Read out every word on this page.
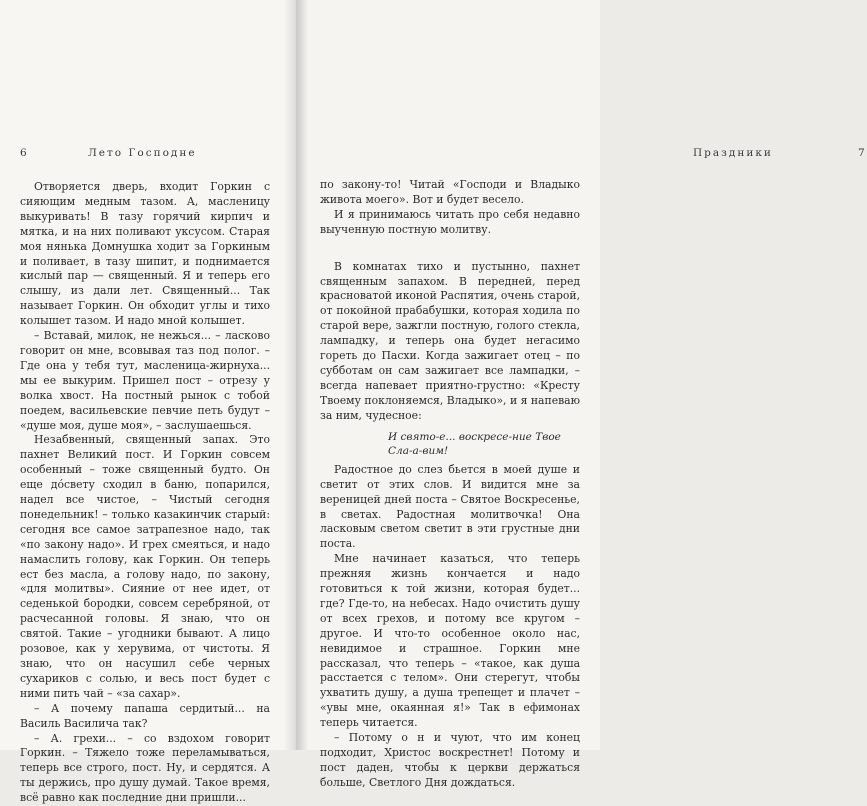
6	Лето Господне

Отворяется дверь, входит Горкин с сияющим медным тазом. А, масленицу выкуривать! В тазу горячий кирпич и мятка, и на них поливают уксусом. Старая моя нянька Домнушка ходит за Горкиным и поливает, в тазу шипит, и поднимается кислый пар — священный. Я и теперь его слышу, из дали лет. Священный... Так называет Горкин. Он обходит углы и тихо колышет тазом. И надо мной колышет.

– Вставай, милок, не нежься... – ласково говорит он мне, всовывая таз под полог. – Где она у тебя тут, масленица-жирнуха... мы ее выкурим. Пришел пост – отрезу у волка хвост. На постный рынок с тобой поедем, васильевские певчие петь будут – «душе моя, душе моя», – заслушаешься.

Незабвенный, священный запах. Это пахнет Великий пост. И Горкин совсем особенный – тоже священный будто. Он еще до́свету сходил в баню, попарился, надел все чистое, – Чистый сегодня понедельник! – только казакинчик старый: сегодня все самое затрапезное надо, так «по закону надо». И грех смеяться, и надо намаслить голову, как Горкин. Он теперь ест без масла, а голову надо, по закону, «для молитвы». Сияние от нее идет, от седенькой бородки, совсем серебряной, от расчесанной головы. Я знаю, что он святой. Такие – угодники бывают. А лицо розовое, как у херувима, от чистоты. Я знаю, что он насушил себе черных сухариков с солью, и весь пост будет с ними пить чай – «за сахар».

– А почему папаша сердитый... на Василь Василича так?

– А. грехи... – со вздохом говорит Горкин. – Тяжело тоже переламываться, теперь все строго, пост. Ну, и сердятся. А ты держись, про душу думай. Такое время, всё равно как последние дни пришли...

Праздники	7

по закону-то! Читай «Господи и Владыко живота моего». Вот и будет весело.

И я принимаюсь читать про себя недавно выученную постную молитву.

В комнатах тихо и пустынно, пахнет священным запахом. В передней, перед красноватой иконой Распятия, очень старой, от покойной прабабушки, которая ходила по старой вере, зажгли постную, голого стекла, лампадку, и теперь она будет негасимо гореть до Пасхи. Когда зажигает отец – по субботам он сам зажигает все лампадки, – всегда напевает приятно-грустно: «Кресту Твоему поклоняемся, Владыко», и я напеваю за ним, чудесное:

И свято-е... воскресе-ние Твое
Сла-а-вим!

Радостное до слез бьется в моей душе и светит от этих слов. И видится мне за вереницей дней поста – Святое Воскресенье, в светах. Радостная молитвочка! Она ласковым светом светит в эти грустные дни поста.

Мне начинает казаться, что теперь прежняя жизнь кончается и надо готовиться к той жизни, которая будет... где? Где-то, на небесах. Надо очистить душу от всех грехов, и потому все кругом – другое. И что-то особенное около нас, невидимое и страшное. Горкин мне рассказал, что теперь – «такое, как душа расстается с телом». Они стерегут, чтобы ухватить душу, а душа трепещет и плачет – «увы мне, окаянная я!» Так в ефимонах теперь читается.

– Потому о н и чуют, что им конец подходит, Христос воскрестнет! Потому и пост даден, чтобы к церкви держаться больше, Светлого Дня дождаться.
